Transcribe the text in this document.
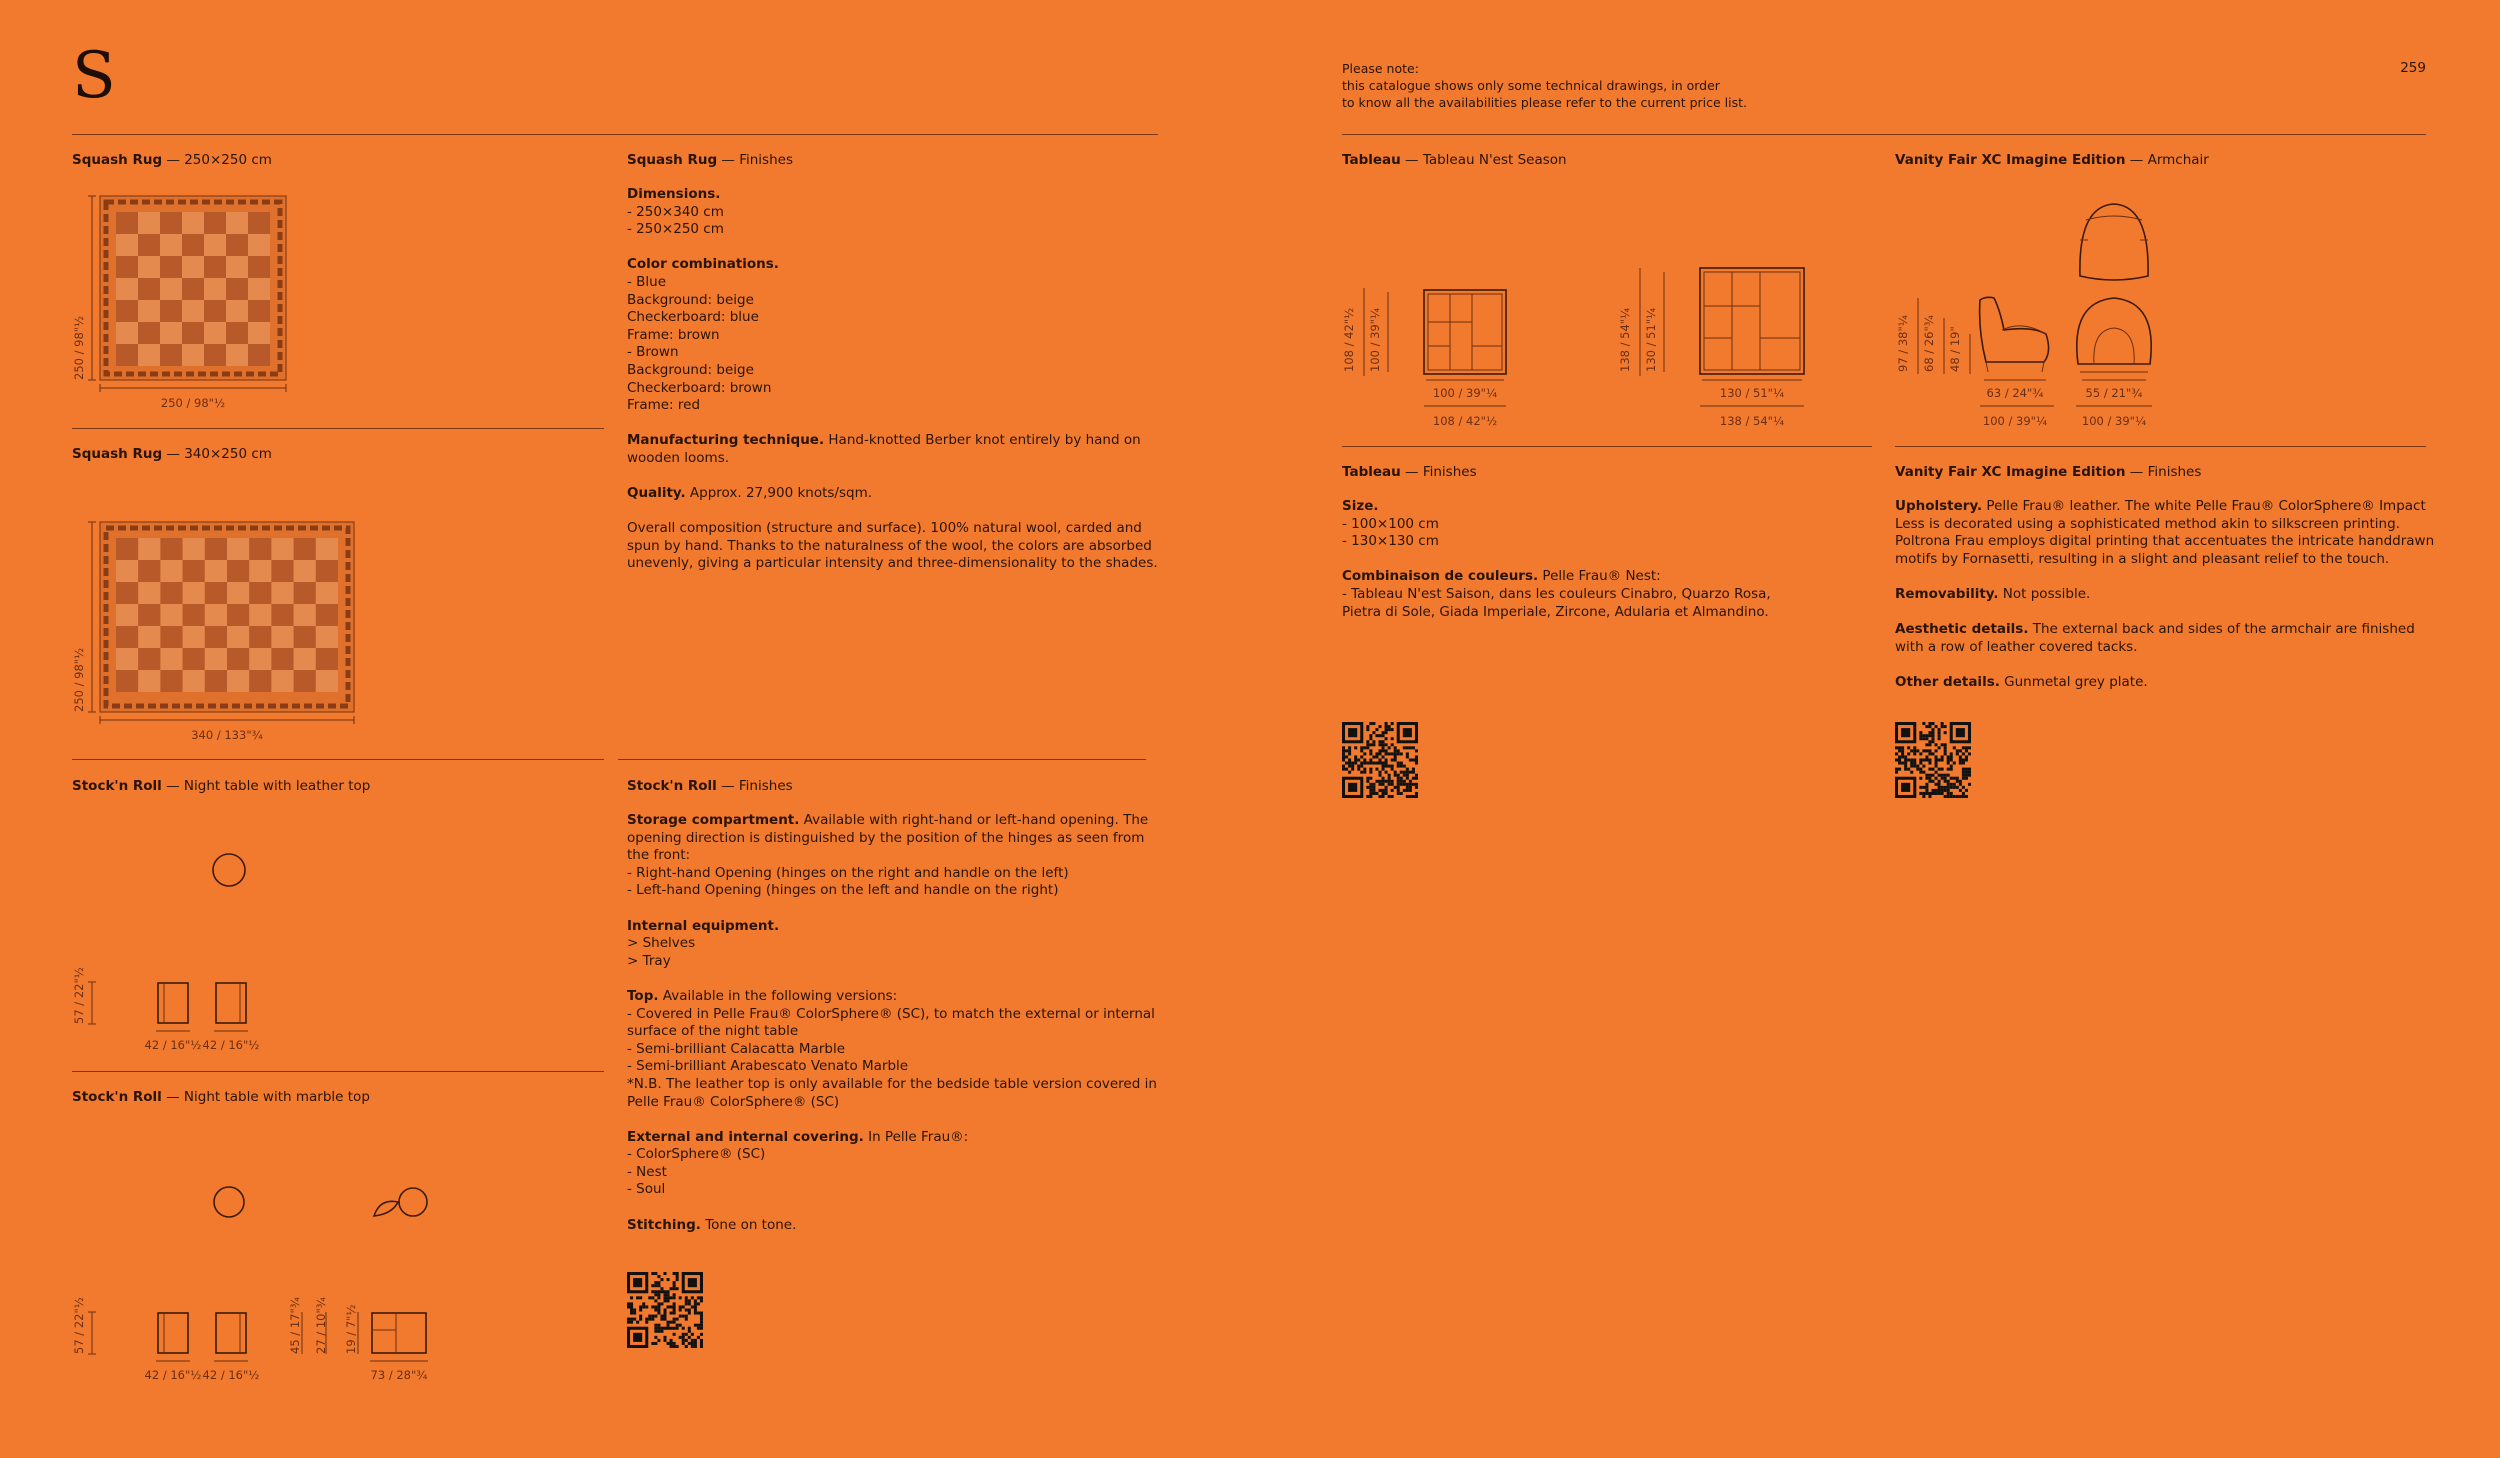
S	Please note:
this catalogue shows only some technical drawings, in order
to know all the availabilities please refer to the current price list.
259
Squash Rug — 250×250 cm
250 / 98"½
250 / 98"½
Squash Rug — 340×250 cm
250 / 98"½
340 / 133"¾
Squash Rug — Finishes
Dimensions.
- 250×340 cm
- 250×250 cm
Color combinations.
- Blue
Background: beige
Checkerboard: blue
Frame: brown
- Brown
Background: beige
Checkerboard: brown
Frame: red
Manufacturing technique. Hand-knotted Berber knot entirely by hand on
wooden looms.
Quality. Approx. 27,900 knots/sqm.
Overall composition (structure and surface). 100% natural wool, carded and
spun by hand. Thanks to the naturalness of the wool, the colors are absorbed
unevenly, giving a particular intensity and three-dimensionality to the shades.
Stock'n Roll — Night table with leather top
57 / 22"½
42 / 16"½ 42 / 16"½
Stock'n Roll — Night table with marble top
57 / 22"½
42 / 16"½ 42 / 16"½
45 / 17"¾ 27 / 10"¾ 19 / 7"½
73 / 28"¾
Stock'n Roll — Finishes
Storage compartment. Available with right-hand or left-hand opening. The
opening direction is distinguished by the position of the hinges as seen from
the front:
- Right-hand Opening (hinges on the right and handle on the left)
- Left-hand Opening (hinges on the left and handle on the right)
Internal equipment.
> Shelves
> Tray
Top. Available in the following versions:
- Covered in Pelle Frau® ColorSphere® (SC), to match the external or internal
surface of the night table
- Semi-brilliant Calacatta Marble
- Semi-brilliant Arabescato Venato Marble
*N.B. The leather top is only available for the bedside table version covered in
Pelle Frau® ColorSphere® (SC)
External and internal covering. In Pelle Frau®:
- ColorSphere® (SC)
- Nest
- Soul
Stitching. Tone on tone.
Tableau — Tableau N'est Season
108 / 42"½ 100 / 39"¼
100 / 39"¼
108 / 42"½
138 / 54"¼ 130 / 51"¼
130 / 51"¼
138 / 54"¼
Tableau — Finishes
Size.
- 100×100 cm
- 130×130 cm
Combinaison de couleurs. Pelle Frau® Nest:
- Tableau N'est Saison, dans les couleurs Cinabro, Quarzo Rosa,
Pietra di Sole, Giada Imperiale, Zircone, Adularia et Almandino.
Vanity Fair XC Imagine Edition — Armchair
97 / 38"¼ 68 / 26"¾ 48 / 19"
63 / 24"¾
100 / 39"¼
55 / 21"¾
100 / 39"¼
Vanity Fair XC Imagine Edition — Finishes
Upholstery. Pelle Frau® leather. The white Pelle Frau® ColorSphere® Impact
Less is decorated using a sophisticated method akin to silkscreen printing.
Poltrona Frau employs digital printing that accentuates the intricate handdrawn
motifs by Fornasetti, resulting in a slight and pleasant relief to the touch.
Removability. Not possible.
Aesthetic details. The external back and sides of the armchair are finished
with a row of leather covered tacks.
Other details. Gunmetal grey plate.
